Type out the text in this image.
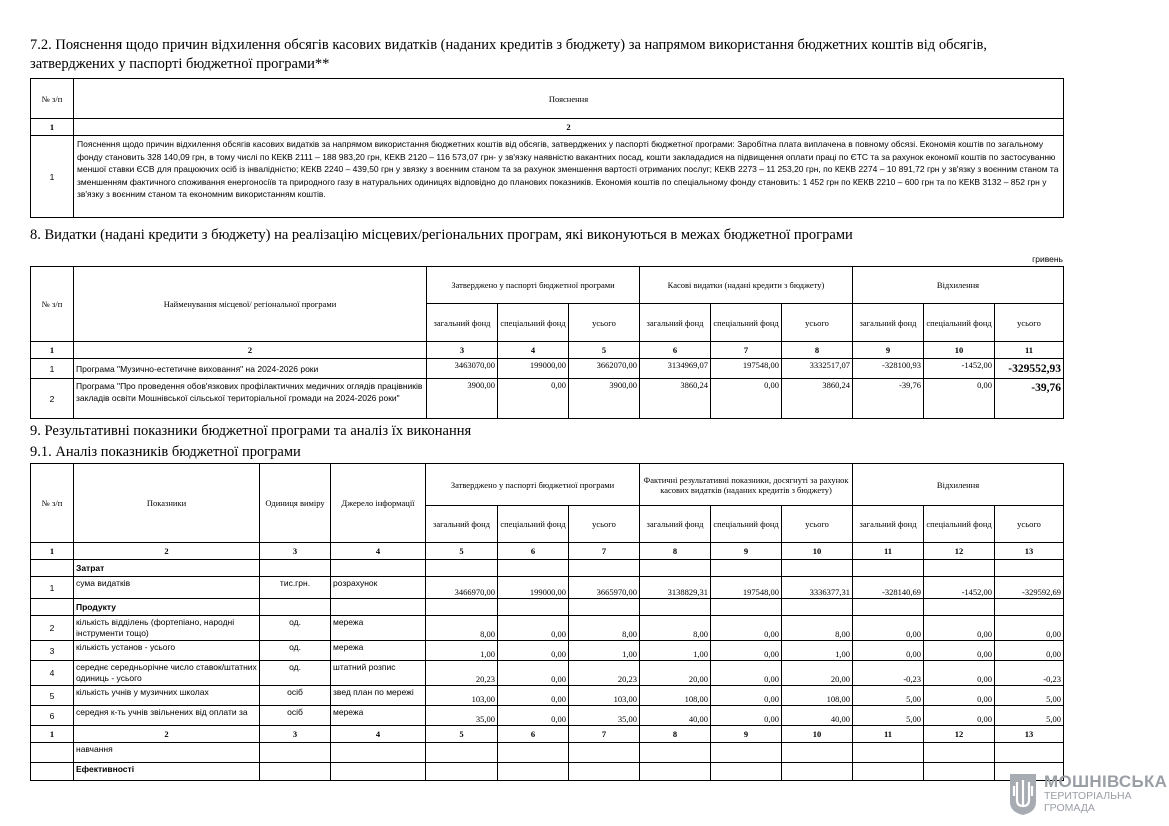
7.2. Пояснення щодо причин відхилення обсягів касових видатків (наданих кредитів з бюджету) за напрямом використання бюджетних коштів від обсягів, затверджених у паспорті бюджетної програми**
№ з/п	Пояснення
1	2
1	Пояснення щодо причин відхилення обсягів касових видатків за напрямом використання бюджетних коштів від обсягів, затверджених у паспорті бюджетної програми: Заробітна плата виплачена в повному обсязі. Економія коштів по загальному фонду становить 328 140,09 грн, в тому числі по КЕКВ 2111 – 188 983,20 грн, КЕКВ 2120 – 116 573,07 грн- у зв'язку наявністю вакантних посад, кошти заклададися на підвищення оплати праці по ЄТС та за рахунок економії коштів по застосуванню меншої ставки ЄСВ для працюючих осіб із інвалідністю; КЕКВ 2240 – 439,50 грн у звязку з воєнним станом та за рахунок зменшення вартості отриманих послуг; КЕКВ 2273 – 11 253,20 грн, по КЕКВ 2274 – 10 891,72 грн у зв'язку з воєнним станом та зменшенням фактичного споживання енергоносіїв та природного газу в натуральних одиницях відповідно до планових показників. Економія коштів по спеціальному фонду становить: 1 452 грн по КЕКВ 2210 – 600 грн та по КЕКВ 3132 – 852 грн у зв'язку з воєнним станом та економним використанням коштів.
8. Видатки (надані кредити з бюджету) на реалізацію місцевих/регіональних програм, які виконуються в межах бюджетної програми
гривень
№ з/п	Найменування місцевої/ регіональної програми	Затверджено у паспорті бюджетної програми			Касові видатки (надані кредити з бюджету)			Відхилення		
		загальний фонд	спеціальний фонд	усього	загальний фонд	спеціальний фонд	усього	загальний фонд	спеціальний фонд	усього
1	2	3	4	5	6	7	8	9	10	11
1	Програма "Музично-естетичне виховання" на 2024-2026 роки	3463070,00	199000,00	3662070,00	3134969,07	197548,00	3332517,07	-328100,93	-1452,00	-329552,93
2	Програма "Про проведення обов'язкових профілактичних медичних оглядів працівників закладів освіти Мошнівської сільської територіальної громади на 2024-2026 роки"	3900,00	0,00	3900,00	3860,24	0,00	3860,24	-39,76	0,00	-39,76
9. Результативні показники бюджетної програми та аналіз їх виконання
9.1. Аналіз показників бюджетної програми
№ з/п	Показники	Одиниця виміру	Джерело інформації	Затверджено у паспорті бюджетної програми			Фактичні результативні показники, досягнуті за рахунок касових видатків (наданих кредитів з бюджету)			Відхилення		
				загальний фонд	спеціальний фонд	усього	загальний фонд	спеціальний фонд	усього	загальний фонд	спеціальний фонд	усього
1	2	3	4	5	6	7	8	9	10	11	12	13
	Затрат											
1	сума видатків	тис.грн.	розрахунок	3466970,00	199000,00	3665970,00	3138829,31	197548,00	3336377,31	-328140,69	-1452,00	-329592,69
	Продукту											
2	кількість відділень (фортепіано, народні інструменти тощо)	од.	мережа	8,00	0,00	8,00	8,00	0,00	8,00	0,00	0,00	0,00
3	кількість установ - усього	од.	мережа	1,00	0,00	1,00	1,00	0,00	1,00	0,00	0,00	0,00
4	середнє середньорічне число ставок/штатних одиниць - усього	од.	штатний розпис	20,23	0,00	20,23	20,00	0,00	20,00	-0,23	0,00	-0,23
5	кількість учнів у музичних школах	осіб	звед план по мережі	103,00	0,00	103,00	108,00	0,00	108,00	5,00	0,00	5,00
6	середня к-ть учнів звільнених від оплати за	осіб	мережа	35,00	0,00	35,00	40,00	0,00	40,00	5,00	0,00	5,00
1	2	3	4	5	6	7	8	9	10	11	12	13
	навчання											
	Ефективності											
МОШНІВСЬКА
ТЕРИТОРІАЛЬНА
ГРОМАДА
